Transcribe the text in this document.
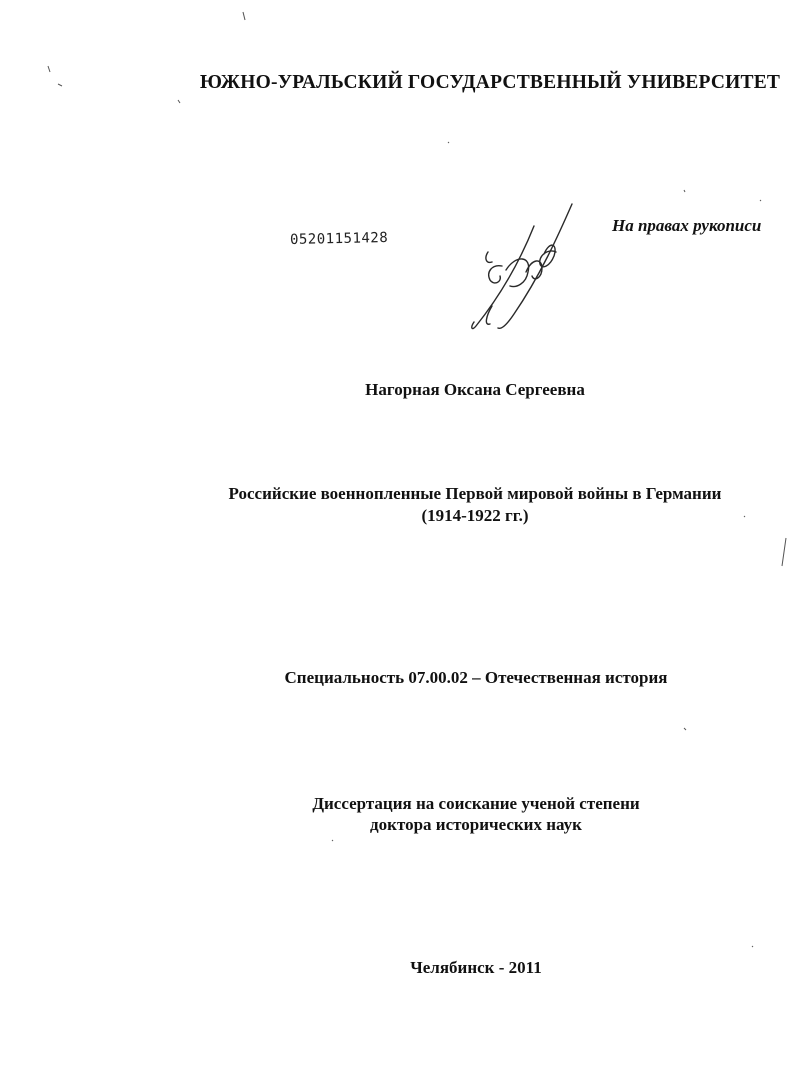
ЮЖНО-УРАЛЬСКИЙ ГОСУДАРСТВЕННЫЙ УНИВЕРСИТЕТ
05201151428
На правах рукописи
Нагорная Оксана Сергеевна
Российские военнопленные Первой мировой войны в Германии
(1914-1922 гг.)
Специальность 07.00.02 – Отечественная история
Диссертация на соискание ученой степени
доктора исторических наук
Челябинск - 2011
